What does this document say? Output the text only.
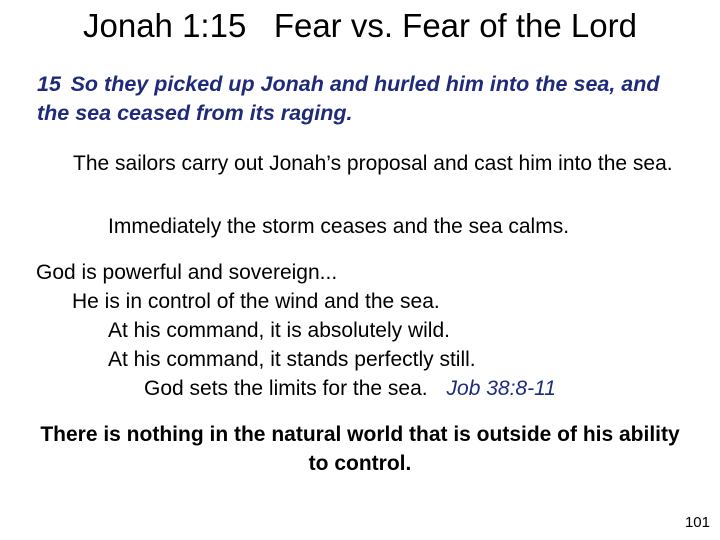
Jonah 1:15   Fear vs. Fear of the Lord
15 So they picked up Jonah and hurled him into the sea, and the sea ceased from its raging.
The sailors carry out Jonah’s proposal and cast him into the sea.
Immediately the storm ceases and the sea calms.
God is powerful and sovereign...
He is in control of the wind and the sea.
At his command, it is absolutely wild.
At his command, it stands perfectly still.
God sets the limits for the sea. Job 38:8-11
There is nothing in the natural world that is outside of his ability to control.
101
